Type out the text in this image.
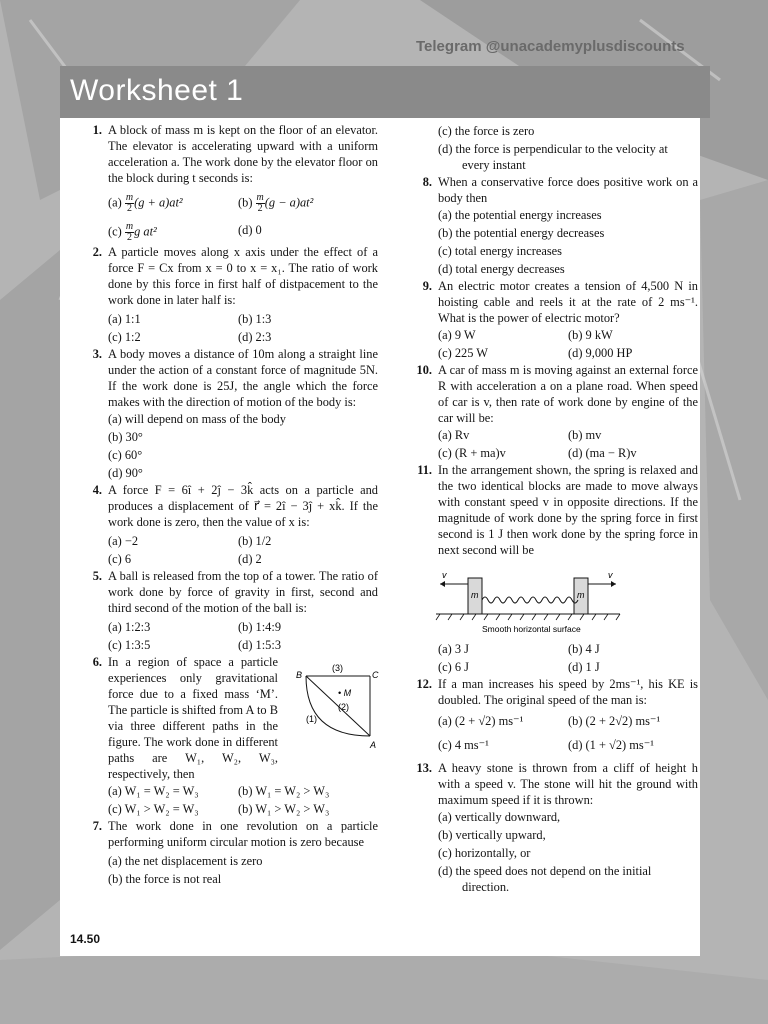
Telegram @unacademyplusdiscounts
Worksheet 1
1. A block of mass m is kept on the floor of an elevator. The elevator is accelerating upward with a uniform acceleration a. The work done by the elevator floor on the block during t seconds is:
$(a) \frac{m}{2} (g + a)at^2$	$(b) \frac{m}{2} (g - a)at^2$
$(c) \frac{m}{2}$ g at²	(d) 0
2. A particle moves along x axis under the effect of a force F = Cx from x = 0 to x = x₁. The ratio of work done by this force in first half of distpacement to the work done in later half is:
(a) 1:1	(b) 1:3
(c) 1:2	(d) 2:3
3. A body moves a distance of 10m along a straight line under the action of a constant force of magnitude 5N. If the work done is 25J, the angle which the force makes with the direction of motion of the body is:
(a) will depend on mass of the body
(b) 30°
(c) 60°
(d) 90°
4. A force F = 6î + 2ĵ − 3k̂ acts on a particle and produces a displacement of r⃗ = 2î − 3ĵ + xk̂. If the work done is zero, then the value of x is:
(a) −2	(b) 1/2
(c) 6	(d) 2
5. A ball is released from the top of a tower. The ratio of work done by force of gravity in first, second and third second of the motion of the ball is:
(a) 1:2:3	(b) 1:4:9
(c) 1:3:5	(d) 1:5:3
6. In a region of space a particle experiences only gravitational force due to a fixed mass ‘M’. The particle is shifted from A to B via three different paths in the figure. The work done in different paths are W₁, W₂, W₃, respectively, then
(a) W₁ = W₂ = W₃	(b) W₁ = W₂ > W₃
(c) W₁ > W₂ = W₃	(b) W₁ > W₂ > W₃
7. The work done in one revolution on a particle performing uniform circular motion is zero because
(a) the net displacement is zero
(b) the force is not real
B	C
A
• M
(3)
(2)
(1)
(c) the force is zero
(d) the force is perpendicular to the velocity at every instant
8. When a conservative force does positive work on a body then
(a) the potential energy increases
(b) the potential energy decreases
(c) total energy increases
(d) total energy decreases
9. An electric motor creates a tension of 4,500 N in hoisting cable and reels it at the rate of 2 ms⁻¹. What is the power of electric motor?
(a) 9 W	(b) 9 kW
(c) 225 W	(d) 9,000 HP
10. A car of mass m is moving against an external force R with acceleration a on a plane road. When speed of car is v, then rate of work done by engine of the car will be:
(a) Rv	(b) mv
(c) (R + ma)v	(d) (ma − R)v
11. In the arrangement shown, the spring is relaxed and the two identical blocks are made to move always with constant speed v in opposite directions. If the magnitude of work done by the spring force in first second is 1 J then work done by the spring force in next second will be
v	v
m	m
Smooth horizontal surface
(a) 3 J	(b) 4 J
(c) 6 J	(d) 1 J
12. If a man increases his speed by 2ms⁻¹, his KE is doubled. The original speed of the man is:
(a) (2 + √2) ms⁻¹	(b) (2 + 2√2) ms⁻¹
(c) 4 ms⁻¹	(d) (1 + √2) ms⁻¹
13. A heavy stone is thrown from a cliff of height h with a speed v. The stone will hit the ground with maximum speed if it is thrown:
(a) vertically downward,
(b) vertically upward,
(c) horizontally, or
(d) the speed does not depend on the initial direction.
14.50
